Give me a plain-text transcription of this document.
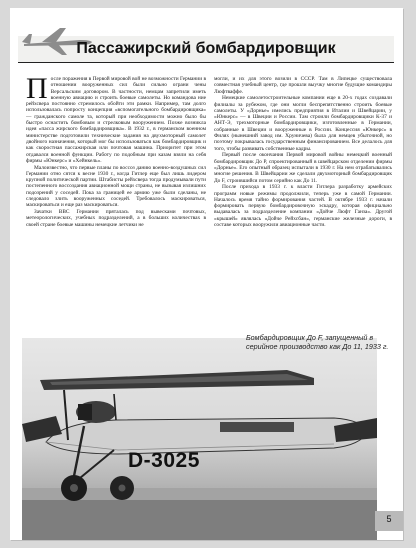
Пассажирский бомбардировщик

После поражения в Первой мировой вой не возможности Германии в отношении вооруженных сил были сильно ограни чены Версальским договором. В частности, немцам запретили иметь военную авиацию и строить боевые самолеты. Но командова ние рейхсвера постоянно стремилось обойти эти рамки. Например, там долго использовалась попросту концепция «вспомогательного бомбардировщика» — гражданского самоле та, который при необходимости можно было бы быстро оснастить бомбовым и стрелковым вооружением. Позже возникла идея «пасса жирского бомбардировщика». В 1932 г., в германском военном министерстве подготовили технические задания на двухмоторный самолет двойного назначения, который мог бы использоваться как бомбардировщик и как скоростная пассажирская или почтовая машина. Приоритет при этом отдавался военной функции. Работу по подобным при казам взяли на себя фирмы «Юнкерс» и «Хейнкель».

Малоизвестно, что первые планы по воссоз данию военно-воздушных сил Германии отно сятся к весне 1930 г., когда Гитлер еще был лишь лидером крупной политической партии. Штабисты рейхсвера тогда продумывали пути постепенного воссоздания авиационной мощи страны, не вызывая излишних подозрений у соседей. Пока за границей ее армию уже были сделаны, не следовало злить вооруженных соседей. Требовалось маскироваться, маскироваться и еще раз маскироваться.

Зачатки ВВС Германии пряталась под вывесками почтовых, метеорологических, учебных подразделений, а в больших количествах в своей стране боевые машины немецкие летчики не

могли, и их для этого возили в СССР. Там в Липецке существовала совместная учебный центр, где прошли выучку многие будущие командиры Люфтваффе.

Немецкие самолетостроительные компании еще в 20-х годах создавали филиалы за рубежом, где они могли беспрепятственно строить боевые самолеты. У «Дорнье» имелись предприятия в Италии и Швейцарии, у «Юнкерс» — в Швеции и России. Там строили бомбардировщики К-37 и АНТ-Э, трехмоторные бомбардировщики, изготовленные в Германии, собранные в Швеции и вооруженные в России. Концессия «Юнкерс» в Филях (нынешний завод им. Хруничева) была для немцев убыточной, но поэтому покрывалась государственным финансированием. Все делалось для того, чтобы развивать собственные кадры.

Первый после окончания Первой мировой войны немецкий военный бомбардировщик До Р, спроектированный в швейцарском отделении фирмы «Дорнье». Его опытный образец испытали в 1930 г. На нем отрабатывались многие решения. В Швейцарии же сделали двухмоторный бомбардировщик До F, строившийся потом серийно как До 11.

После прихода в 1933 г. к власти Гитлера разработку армейских программ новые режимы продолжили, теперь уже в самой Германии. Началось время тайно формирования частей. В октябре 1933 г. начали формировать первую бомбардировочную эскадру, которая официально выдавалась за подразделение компании «Дойче Люфт Ганза». Другой «крышей» являлась «Дойче Рейхсбан», германские железные дороги, в составе которых вооружили авиационные части.

D-3025
Бомбардировщик До F, запущенный в серийное производство как До 11, 1933 г.
5
